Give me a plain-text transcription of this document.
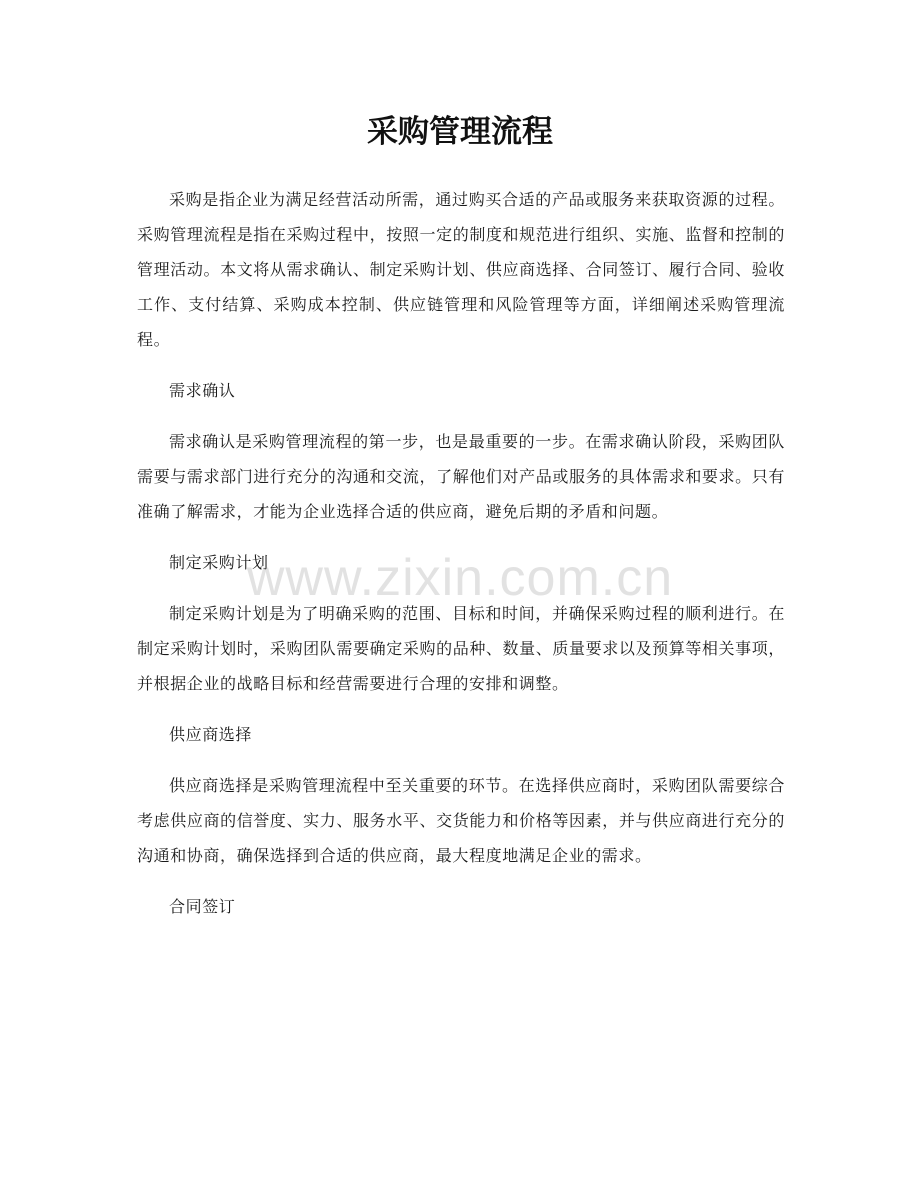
采购管理流程

采购是指企业为满足经营活动所需，通过购买合适的产品或服务来获取资源的过程。采购管理流程是指在采购过程中，按照一定的制度和规范进行组织、实施、监督和控制的管理活动。本文将从需求确认、制定采购计划、供应商选择、合同签订、履行合同、验收工作、支付结算、采购成本控制、供应链管理和风险管理等方面，详细阐述采购管理流程。

需求确认

需求确认是采购管理流程的第一步，也是最重要的一步。在需求确认阶段，采购团队需要与需求部门进行充分的沟通和交流，了解他们对产品或服务的具体需求和要求。只有准确了解需求，才能为企业选择合适的供应商，避免后期的矛盾和问题。

制定采购计划

制定采购计划是为了明确采购的范围、目标和时间，并确保采购过程的顺利进行。在制定采购计划时，采购团队需要确定采购的品种、数量、质量要求以及预算等相关事项，并根据企业的战略目标和经营需要进行合理的安排和调整。

供应商选择

供应商选择是采购管理流程中至关重要的环节。在选择供应商时，采购团队需要综合考虑供应商的信誉度、实力、服务水平、交货能力和价格等因素，并与供应商进行充分的沟通和协商，确保选择到合适的供应商，最大程度地满足企业的需求。

合同签订

www.zixin.com.cn
